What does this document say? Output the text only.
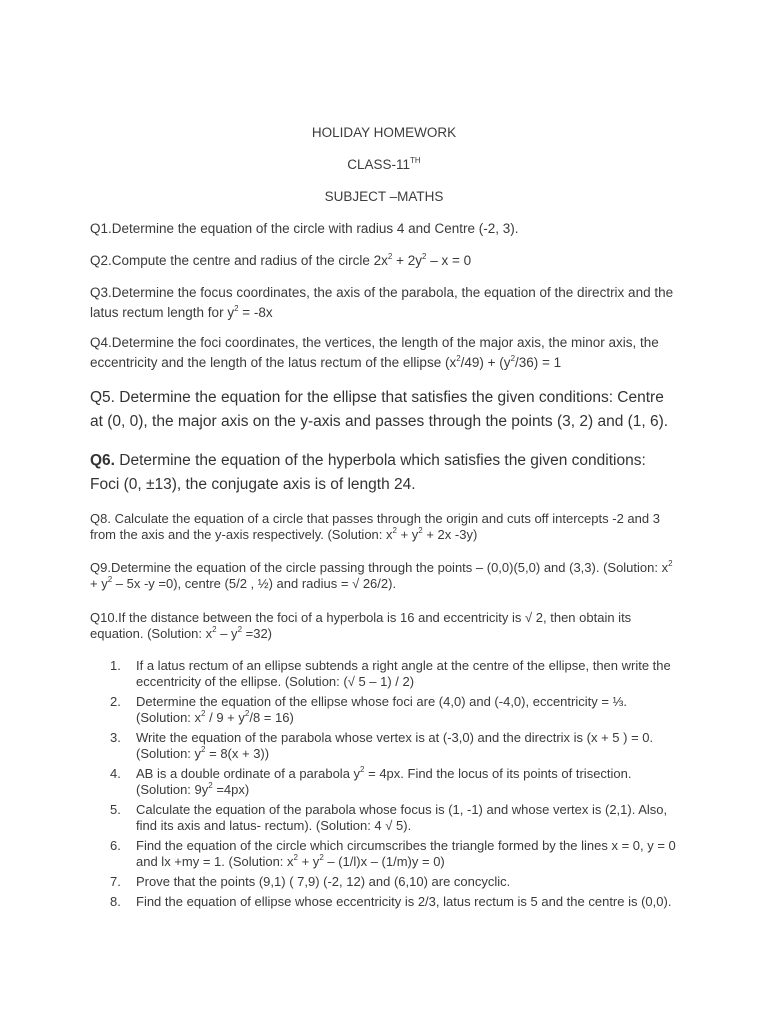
HOLIDAY HOMEWORK
CLASS-11TH
SUBJECT –MATHS
Q1.Determine the equation of the circle with radius 4 and Centre (-2, 3).
Q2.Compute the centre and radius of the circle $2x^2 + 2y^2 - x = 0$
Q3.Determine the focus coordinates, the axis of the parabola, the equation of the directrix and the latus rectum length for $y^2 = -8x$
Q4.Determine the foci coordinates, the vertices, the length of the major axis, the minor axis, the eccentricity and the length of the latus rectum of the ellipse $(x^2/49) + (y^2/36) = 1$
Q5. Determine the equation for the ellipse that satisfies the given conditions: Centre at (0, 0), the major axis on the y-axis and passes through the points (3, 2) and (1, 6).
Q6. Determine the equation of the hyperbola which satisfies the given conditions: Foci (0, ±13), the conjugate axis is of length 24.
Q8. Calculate the equation of a circle that passes through the origin and cuts off intercepts -2 and 3 from the axis and the y-axis respectively. (Solution: $x^2 + y^2 + 2x$ -3y)
Q9.Determine the equation of the circle passing through the points – (0,0)(5,0) and (3,3). (Solution: $x^2 + y^2 - 5x$ -y =0), centre (5/2 , ½) and radius = √ 26/2).
Q10.If the distance between the foci of a hyperbola is 16 and eccentricity is √ 2, then obtain its equation. (Solution: $x^2 - y^2 =32$)
1.	If a latus rectum of an ellipse subtends a right angle at the centre of the ellipse, then write the eccentricity of the ellipse. (Solution: (√ 5 – 1) / 2)
2.	Determine the equation of the ellipse whose foci are (4,0) and (-4,0), eccentricity = ⅓. (Solution: $x^2 / 9 + y^2/8 = 16$)
3.	Write the equation of the parabola whose vertex is at (-3,0) and the directrix is (x + 5 ) = 0. (Solution: $y^2 = 8(x + 3)$)
4.	AB is a double ordinate of a parabola $y^2 = 4px$. Find the locus of its points of trisection. (Solution: $9y^2 =4px$)
5.	Calculate the equation of the parabola whose focus is (1, -1) and whose vertex is (2,1). Also, find its axis and latus- rectum). (Solution: 4 √ 5).
6.	Find the equation of the circle which circumscribes the triangle formed by the lines x = 0, y = 0 and lx +my = 1. (Solution: $x^2 + y^2 - (1/l)x - (1/m)y = 0$)
7.	Prove that the points (9,1) ( 7,9) (-2, 12) and (6,10) are concyclic.
8.	Find the equation of ellipse whose eccentricity is 2/3, latus rectum is 5 and the centre is (0,0).
